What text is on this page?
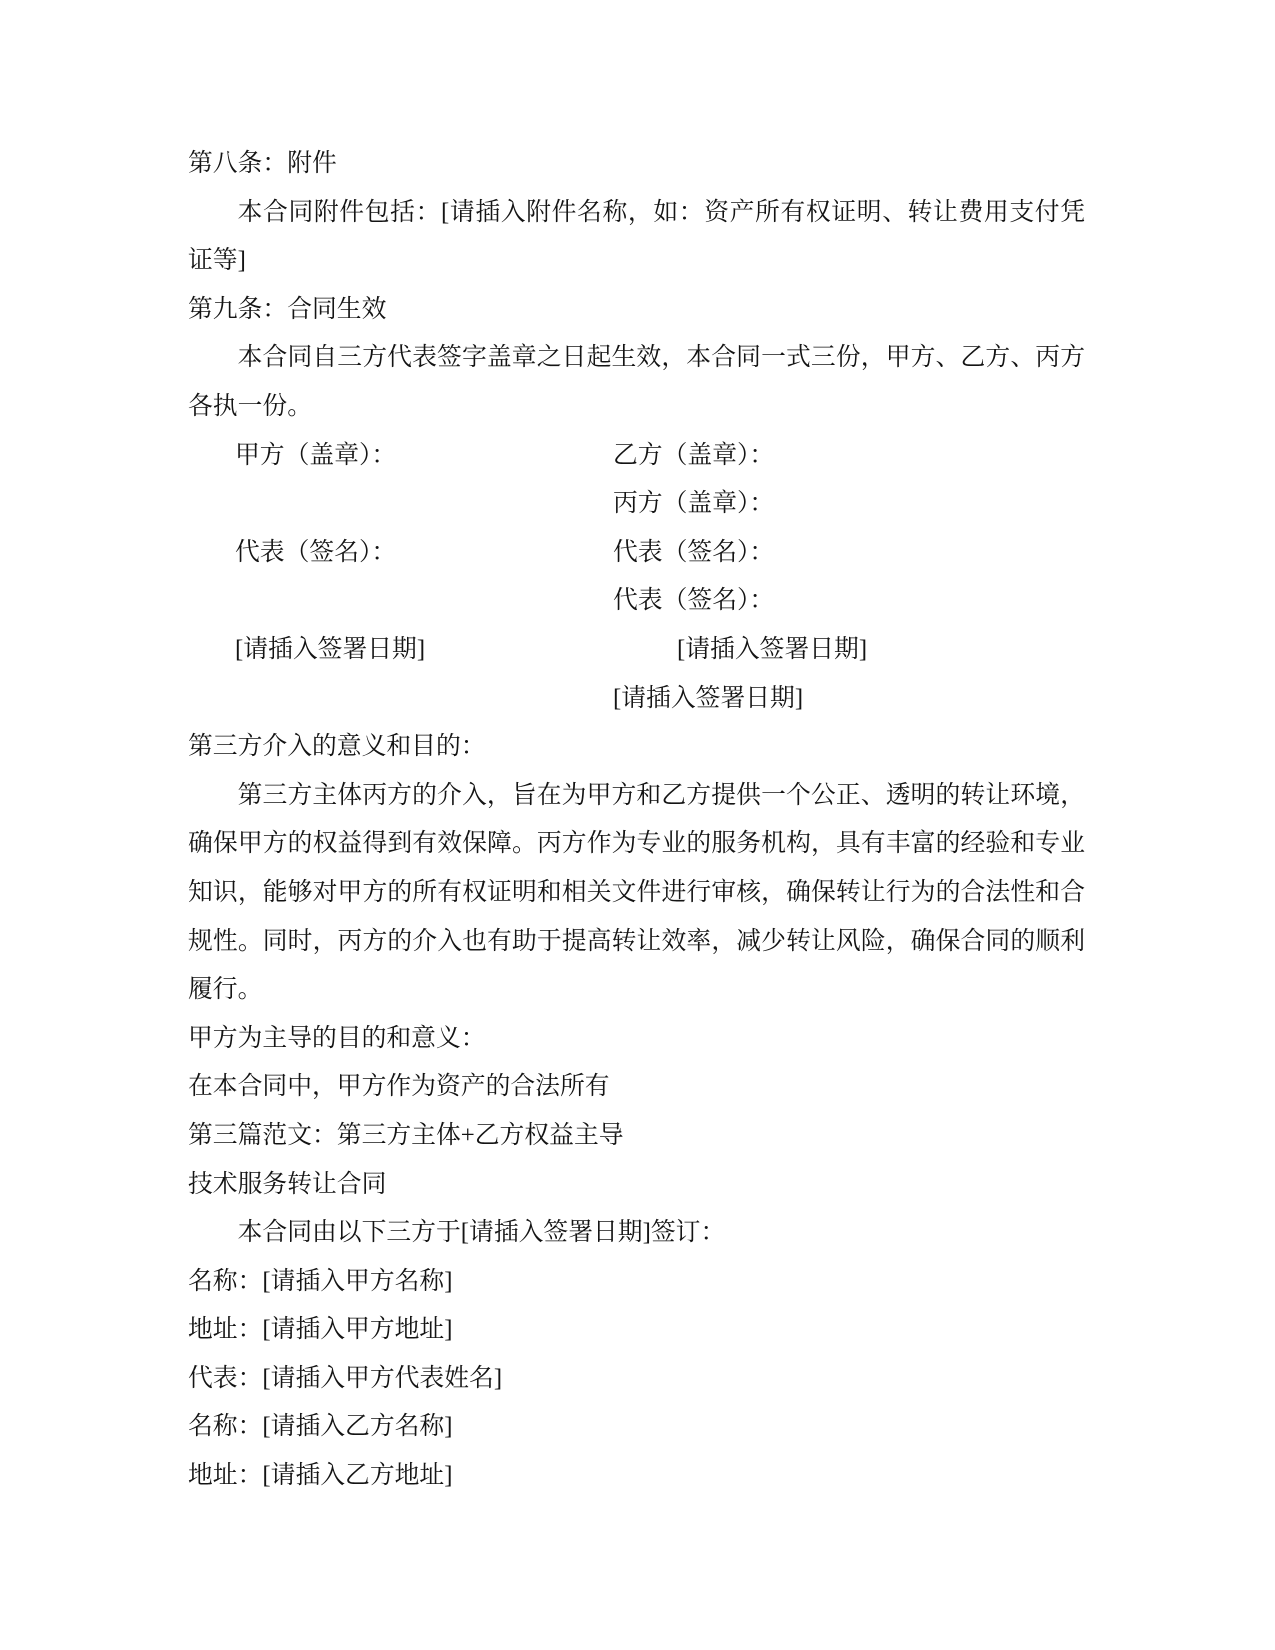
第八条：附件

本合同附件包括：[请插入附件名称，如：资产所有权证明、转让费用支付凭证等]

第九条：合同生效

本合同自三方代表签字盖章之日起生效，本合同一式三份，甲方、乙方、丙方各执一份。

甲方（盖章）：
代表（签名）：
[请插入签署日期]
乙方（盖章）：
丙方（盖章）：
代表（签名）：
代表（签名）：
[请插入签署日期]
[请插入签署日期]

第三方介入的意义和目的：

第三方主体丙方的介入，旨在为甲方和乙方提供一个公正、透明的转让环境，确保甲方的权益得到有效保障。丙方作为专业的服务机构，具有丰富的经验和专业知识，能够对甲方的所有权证明和相关文件进行审核，确保转让行为的合法性和合规性。同时，丙方的介入也有助于提高转让效率，减少转让风险，确保合同的顺利履行。

甲方为主导的目的和意义：

在本合同中，甲方作为资产的合法所有

第三篇范文：第三方主体+乙方权益主导

技术服务转让合同

本合同由以下三方于[请插入签署日期]签订：

名称：[请插入甲方名称]

地址：[请插入甲方地址]

代表：[请插入甲方代表姓名]

名称：[请插入乙方名称]

地址：[请插入乙方地址]
